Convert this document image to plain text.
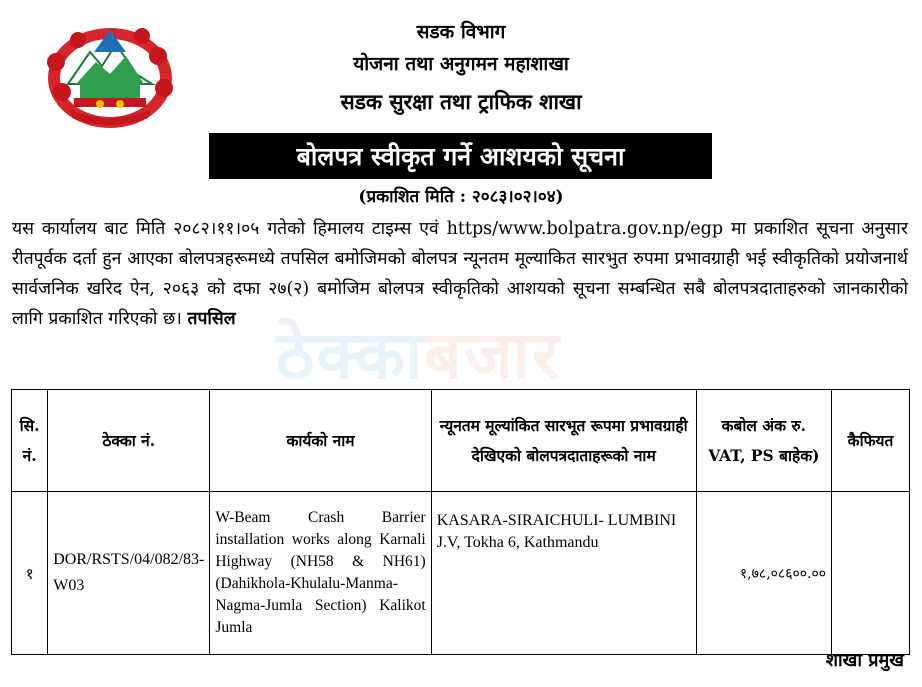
सडक विभाग
योजना तथा अनुगमन महाशाखा
सडक सुरक्षा तथा ट्राफिक शाखा
बोलपत्र स्वीकृत गर्ने आशयको सूचना
(प्रकाशित मिति : २०८३।०२।०४)
यस कार्यालय बाट मिति २०८२।११।०५ गतेको हिमालय टाइम्स एवं https/www.bolpatra.gov.np/egp मा प्रकाशित सूचना अनुसार रीतपूर्वक दर्ता हुन आएका बोलपत्रहरूमध्ये तपसिल बमोजिमको बोलपत्र न्यूनतम मूल्याकित सारभुत रुपमा प्रभावग्राही भई स्वीकृतिको प्रयोजनार्थ सार्वजनिक खरिद ऐन, २०६३ को दफा २७(२) बमोजिम बोलपत्र स्वीकृतिको आशयको सूचना सम्बन्धित सबै बोलपत्रदाताहरुको जानकारीको लागि प्रकाशित गरिएको छ। तपसिल ठेक्काबजार
सि. नं.	ठेक्का नं.	कार्यको नाम	न्यूनतम मूल्यांकित सारभूत रूपमा प्रभावग्राही देखिएको बोलपत्रदाताहरूको नाम	कबोल अंक रु. VAT, PS बाहेक)	कैफियत
१	DOR/RSTS/04/082/83-W03	W-Beam Crash Barrier installation works along Karnali Highway (NH58 & NH61) (Dahikhola-Khulalu-Manma-Nagma-Jumla Section) Kalikot Jumla	KASARA-SIRAICHULI- LUMBINI J.V, Tokha 6, Kathmandu	१,७८,०८६००.००	
शाखा प्रमुख
